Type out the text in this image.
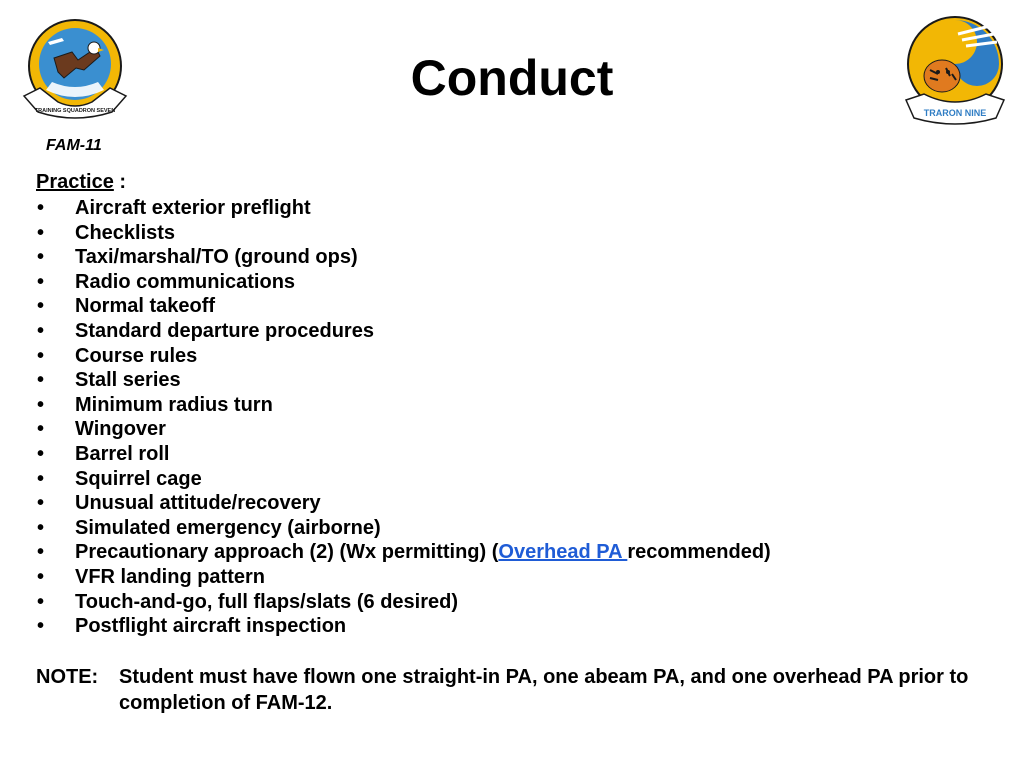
TRAINING SQUADRON SEVEN	TRARON NINE
Conduct
FAM-11
Practice :
• Aircraft exterior preflight
• Checklists
• Taxi/marshal/TO (ground ops)
• Radio communications
• Normal takeoff
• Standard departure procedures
• Course rules
• Stall series
• Minimum radius turn
• Wingover
• Barrel roll
• Squirrel cage
• Unusual attitude/recovery
• Simulated emergency (airborne)
• Precautionary approach (2) (Wx permitting) (Overhead PA recommended)
• VFR landing pattern
• Touch-and-go, full flaps/slats (6 desired)
• Postflight aircraft inspection
NOTE:	Student must have flown one straight-in PA, one abeam PA, and one overhead PA prior to completion of FAM-12.
